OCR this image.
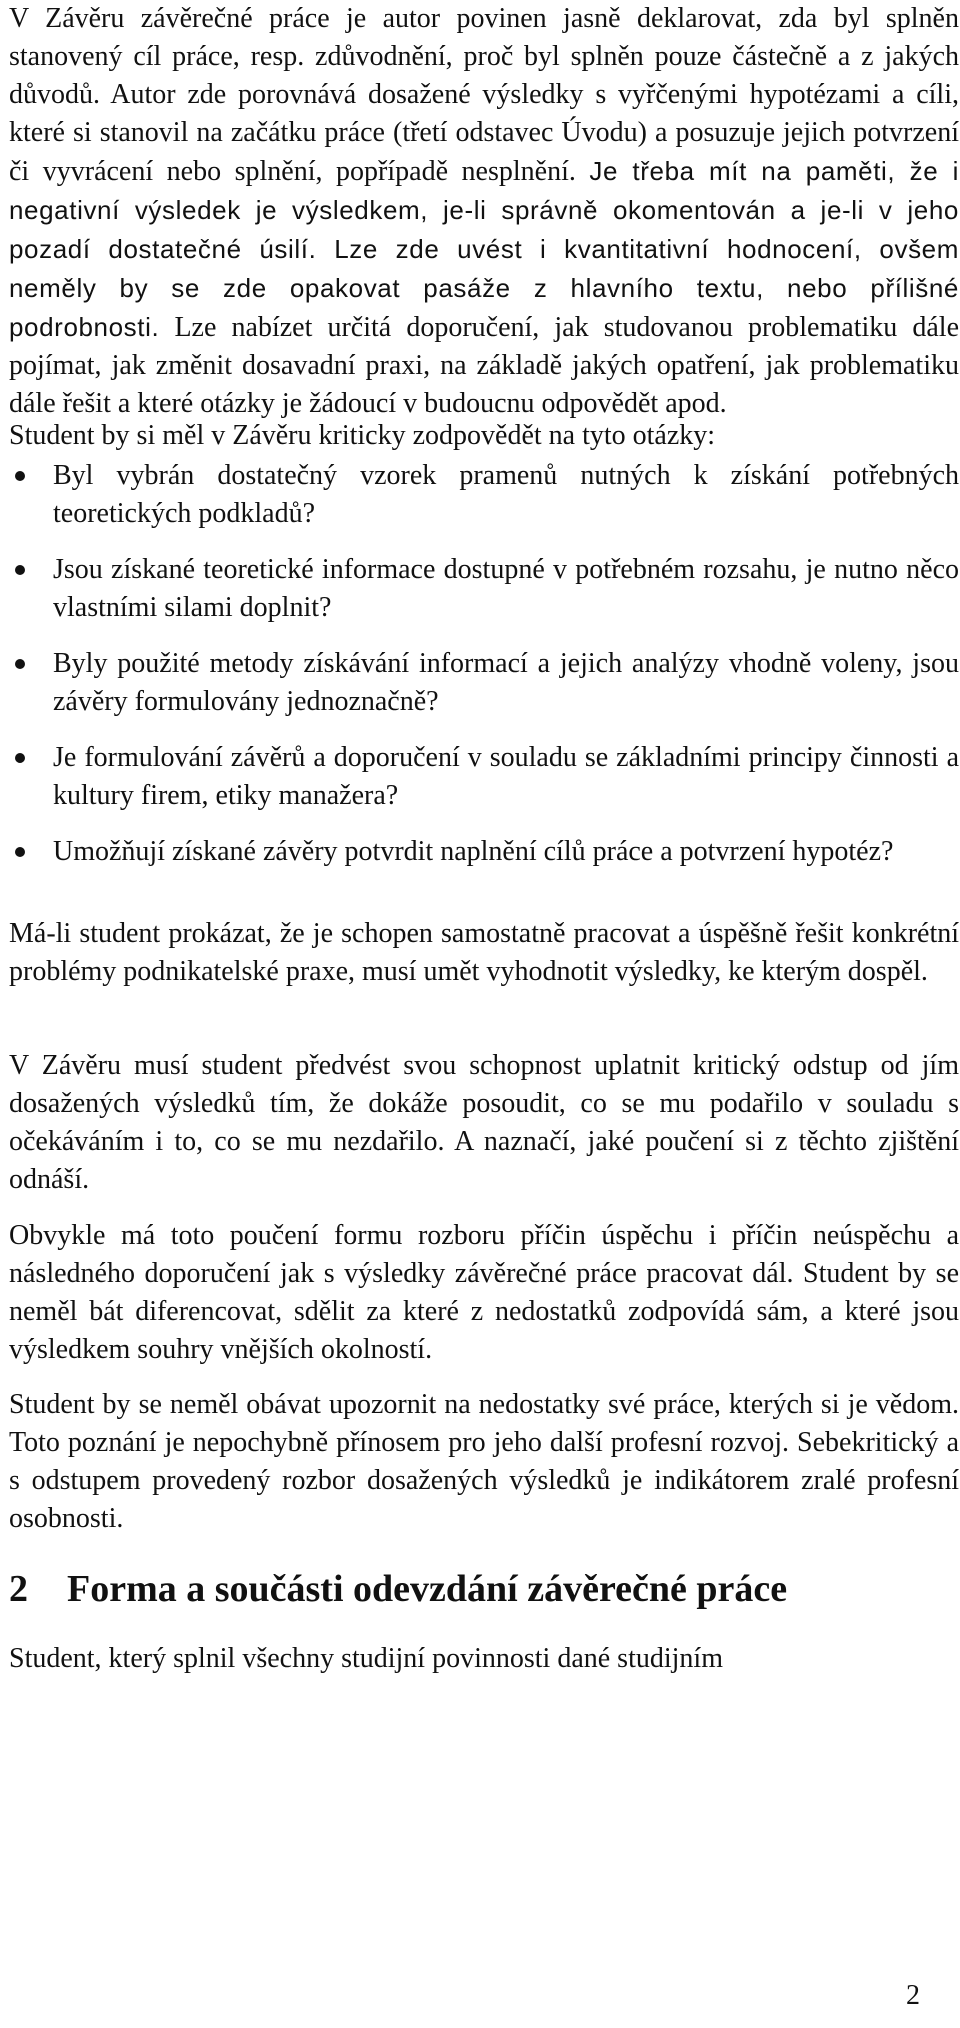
V Závěru závěrečné práce je autor povinen jasně deklarovat, zda byl splněn stanovený cíl práce, resp. zdůvodnění, proč byl splněn pouze částečně a z jakých důvodů. Autor zde porovnává dosažené výsledky s vyřčenými hypotézami a cíli, které si stanovil na začátku práce (třetí odstavec Úvodu) a posuzuje jejich potvrzení či vyvrácení nebo splnění, popřípadě nesplnění. Je třeba mít na paměti, že i negativní výsledek je výsledkem, je-li správně okomentován a je-li v jeho pozadí dostatečné úsilí. Lze zde uvést i kvantitativní hodnocení, ovšem neměly by se zde opakovat pasáže z hlavního textu, nebo přílišné podrobnosti. Lze nabízet určitá doporučení, jak studovanou problematiku dále pojímat, jak změnit dosavadní praxi, na základě jakých opatření, jak problematiku dále řešit a které otázky je žádoucí v budoucnu odpovědět apod.

Student by si měl v Závěru kriticky zodpovědět na tyto otázky:

Byl vybrán dostatečný vzorek pramenů nutných k získání potřebných teoretických podkladů?
Jsou získané teoretické informace dostupné v potřebném rozsahu, je nutno něco vlastními silami doplnit?
Byly použité metody získávání informací a jejich analýzy vhodně voleny, jsou závěry formulovány jednoznačně?
Je formulování závěrů a doporučení v souladu se základními principy činnosti a kultury firem, etiky manažera?
Umožňují získané závěry potvrdit naplnění cílů práce a potvrzení hypotéz?

Má-li student prokázat, že je schopen samostatně pracovat a úspěšně řešit konkrétní problémy podnikatelské praxe, musí umět vyhodnotit výsledky, ke kterým dospěl.

V Závěru musí student předvést svou schopnost uplatnit kritický odstup od jím dosažených výsledků tím, že dokáže posoudit, co se mu podařilo v souladu s očekáváním i to, co se mu nezdařilo. A naznačí, jaké poučení si z těchto zjištění odnáší.

Obvykle má toto poučení formu rozboru příčin úspěchu i příčin neúspěchu a následného doporučení jak s výsledky závěrečné práce pracovat dál. Student by se neměl bát diferencovat, sdělit za které z nedostatků zodpovídá sám, a které jsou výsledkem souhry vnějších okolností.

Student by se neměl obávat upozornit na nedostatky své práce, kterých si je vědom. Toto poznání je nepochybně přínosem pro jeho další profesní rozvoj. Sebekritický a s odstupem provedený rozbor dosažených výsledků je indikátorem zralé profesní osobnosti.

2 Forma a součásti odevzdání závěrečné práce

Student, který splnil všechny studijní povinnosti dané studijním

2
